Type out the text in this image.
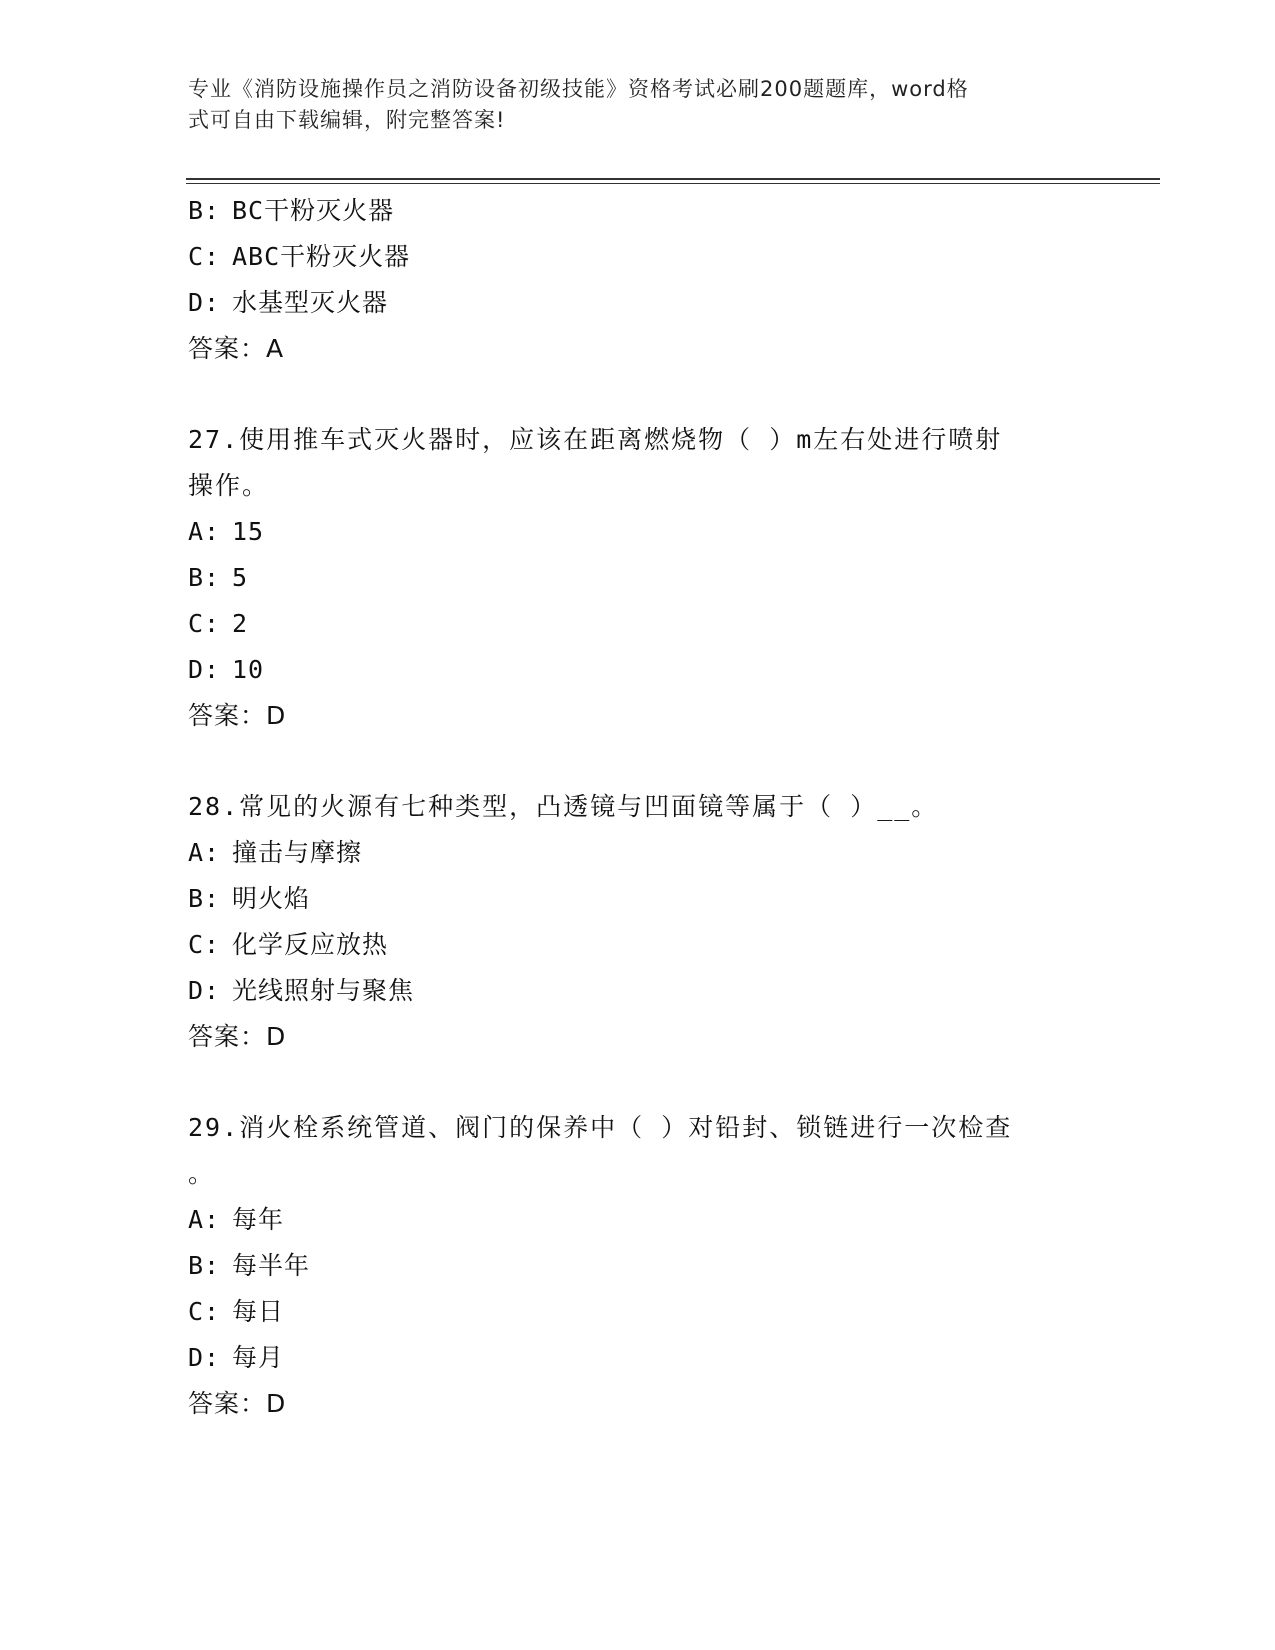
专业《消防设施操作员之消防设备初级技能》资格考试必刷200题题库，word格
式可自由下载编辑，附完整答案!
B: BC干粉灭火器
C: ABC干粉灭火器
D: 水基型灭火器
答案：A
27.使用推车式灭火器时，应该在距离燃烧物（ ）m左右处进行喷射
操作。
A: 15
B: 5
C: 2
D: 10
答案：D
28.常见的火源有七种类型，凸透镜与凹面镜等属于（ ）__。
A: 撞击与摩擦
B: 明火焰
C: 化学反应放热
D: 光线照射与聚焦
答案：D
29.消火栓系统管道、阀门的保养中（ ）对铅封、锁链进行一次检查
。
A: 每年
B: 每半年
C: 每日
D: 每月
答案：D
